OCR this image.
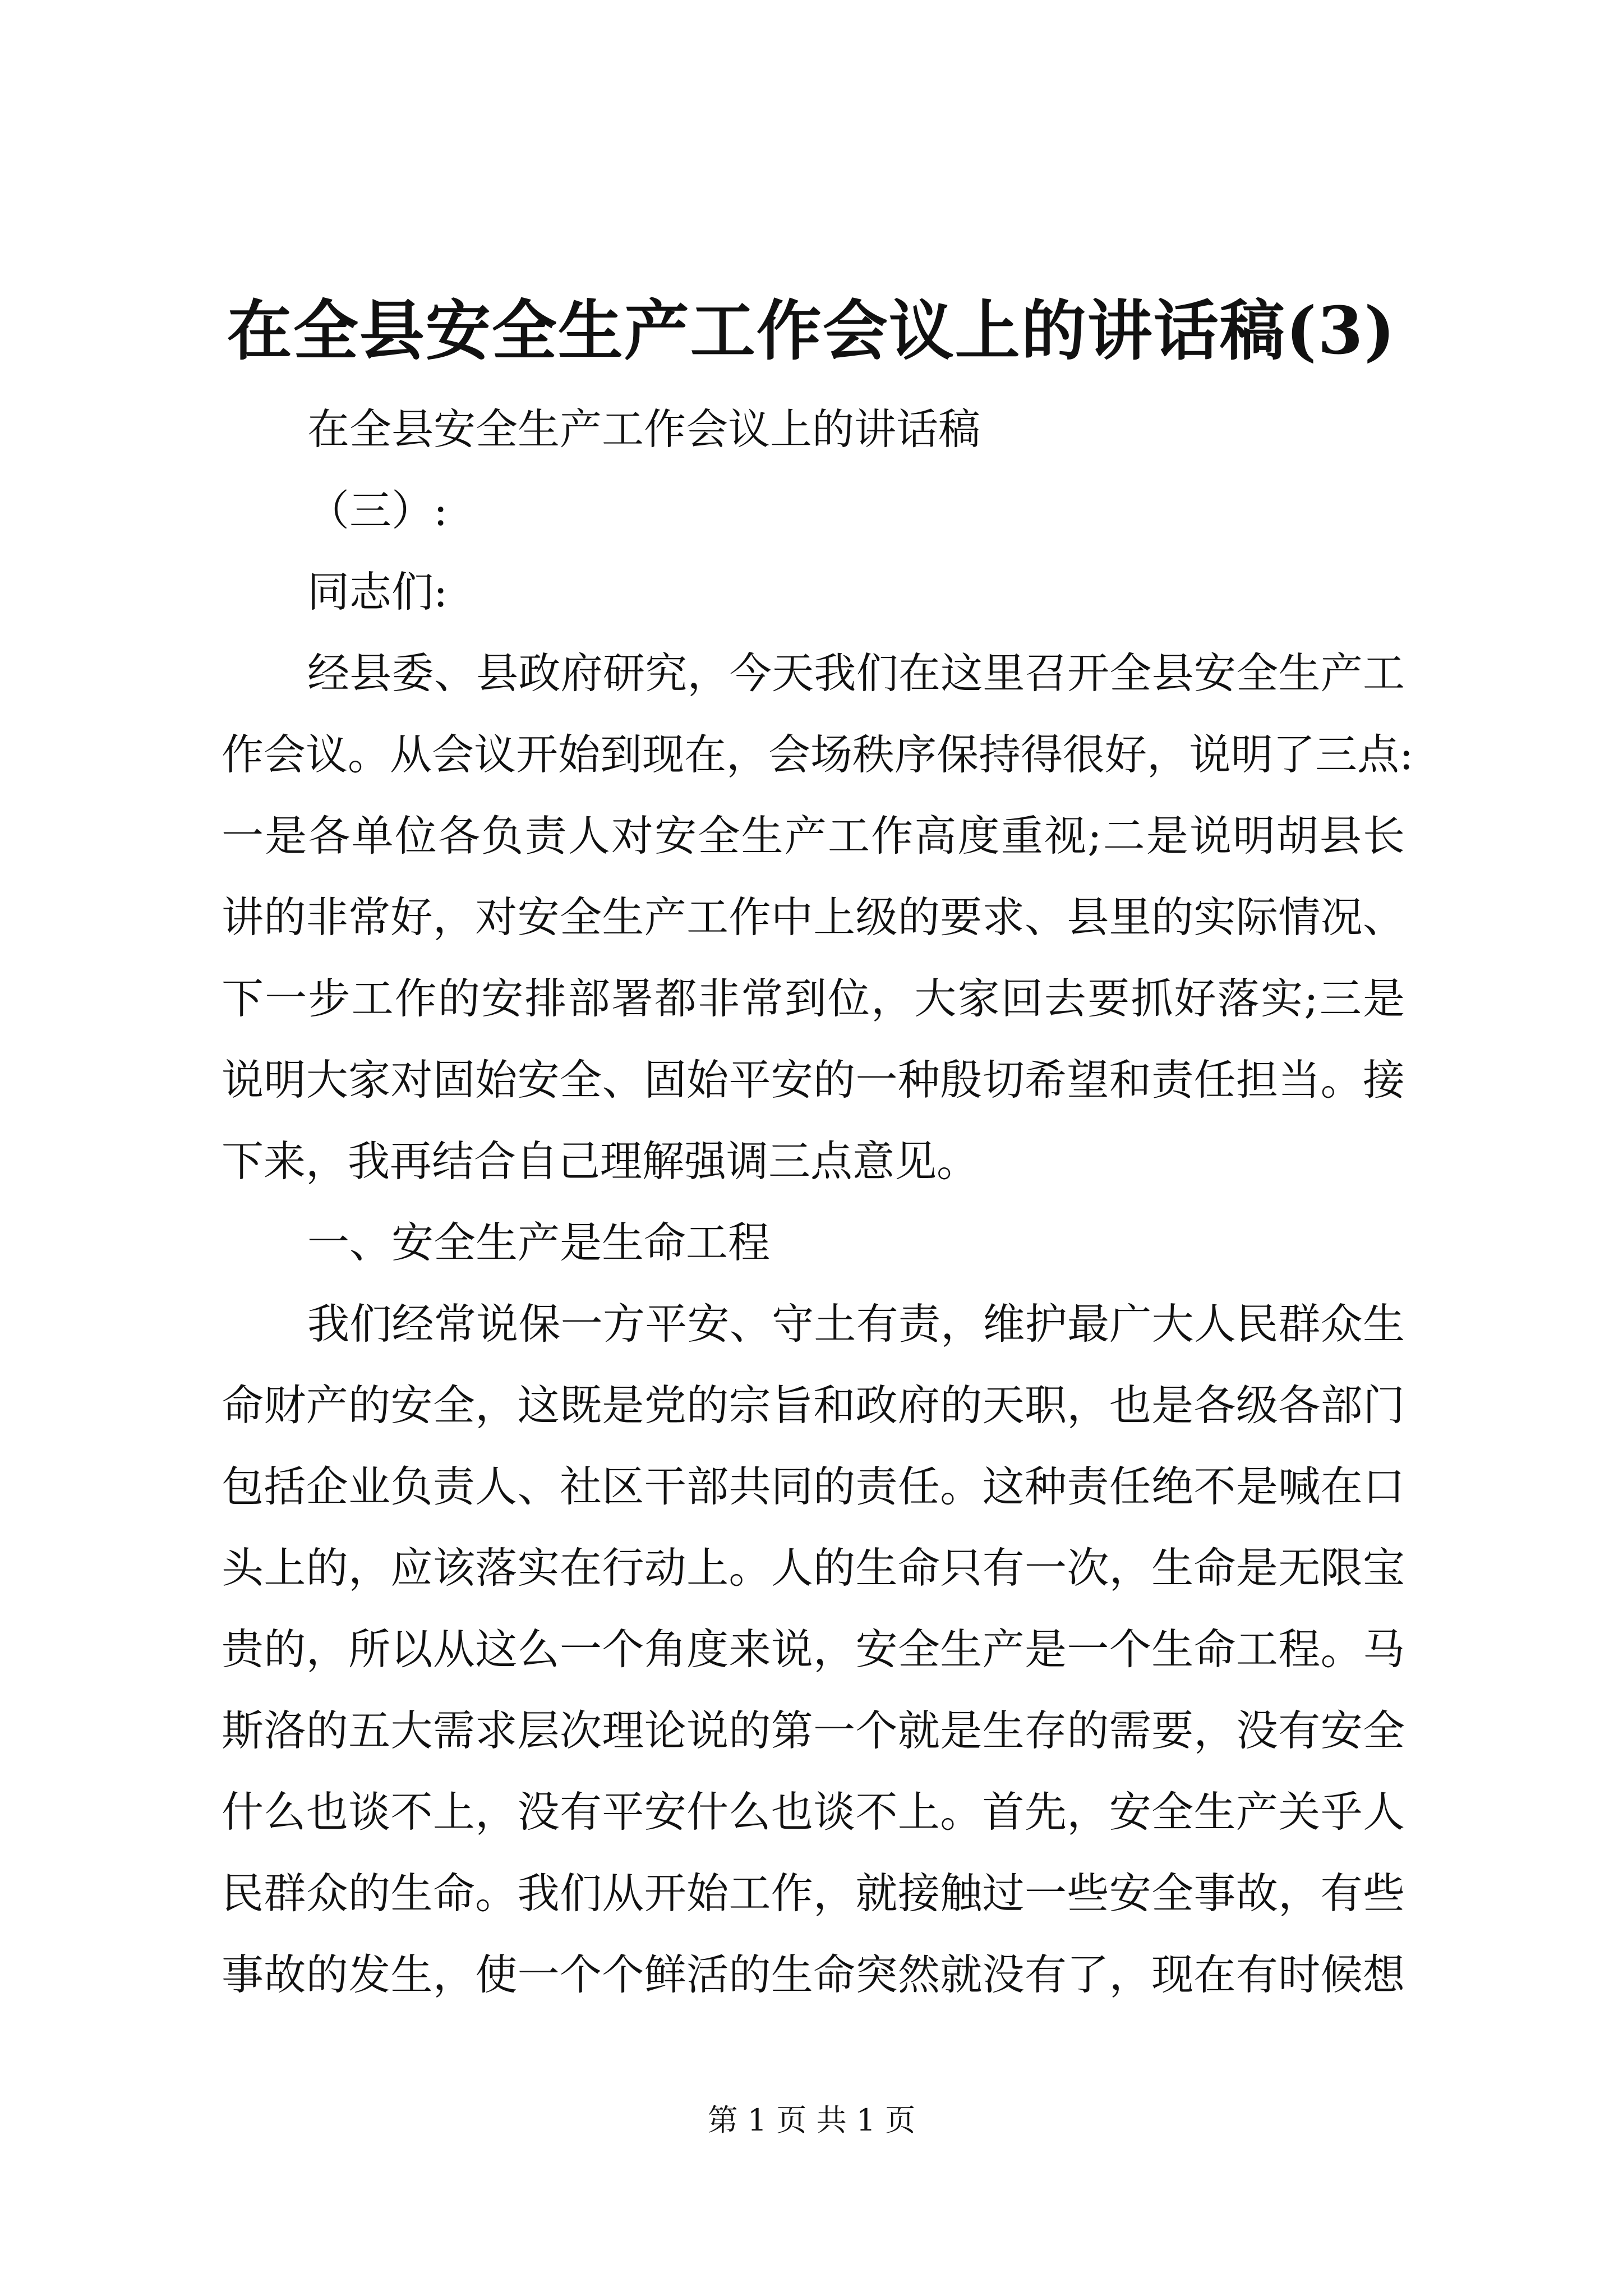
在全县安全生产工作会议上的讲话稿(3)
在全县安全生产工作会议上的讲话稿
（三）:
同志们:
经县委、县政府研究，今天我们在这里召开全县安全生产工
作会议。从会议开始到现在，会场秩序保持得很好，说明了三点:
一是各单位各负责人对安全生产工作高度重视;二是说明胡县长
讲的非常好，对安全生产工作中上级的要求、县里的实际情况、
下一步工作的安排部署都非常到位，大家回去要抓好落实;三是
说明大家对固始安全、固始平安的一种殷切希望和责任担当。接
下来，我再结合自己理解强调三点意见。
一、安全生产是生命工程
我们经常说保一方平安、守土有责，维护最广大人民群众生
命财产的安全，这既是党的宗旨和政府的天职，也是各级各部门
包括企业负责人、社区干部共同的责任。这种责任绝不是喊在口
头上的，应该落实在行动上。人的生命只有一次，生命是无限宝
贵的，所以从这么一个角度来说，安全生产是一个生命工程。马
斯洛的五大需求层次理论说的第一个就是生存的需要，没有安全
什么也谈不上，没有平安什么也谈不上。首先，安全生产关乎人
民群众的生命。我们从开始工作，就接触过一些安全事故，有些
事故的发生，使一个个鲜活的生命突然就没有了，现在有时候想
第 1 页 共 1 页
